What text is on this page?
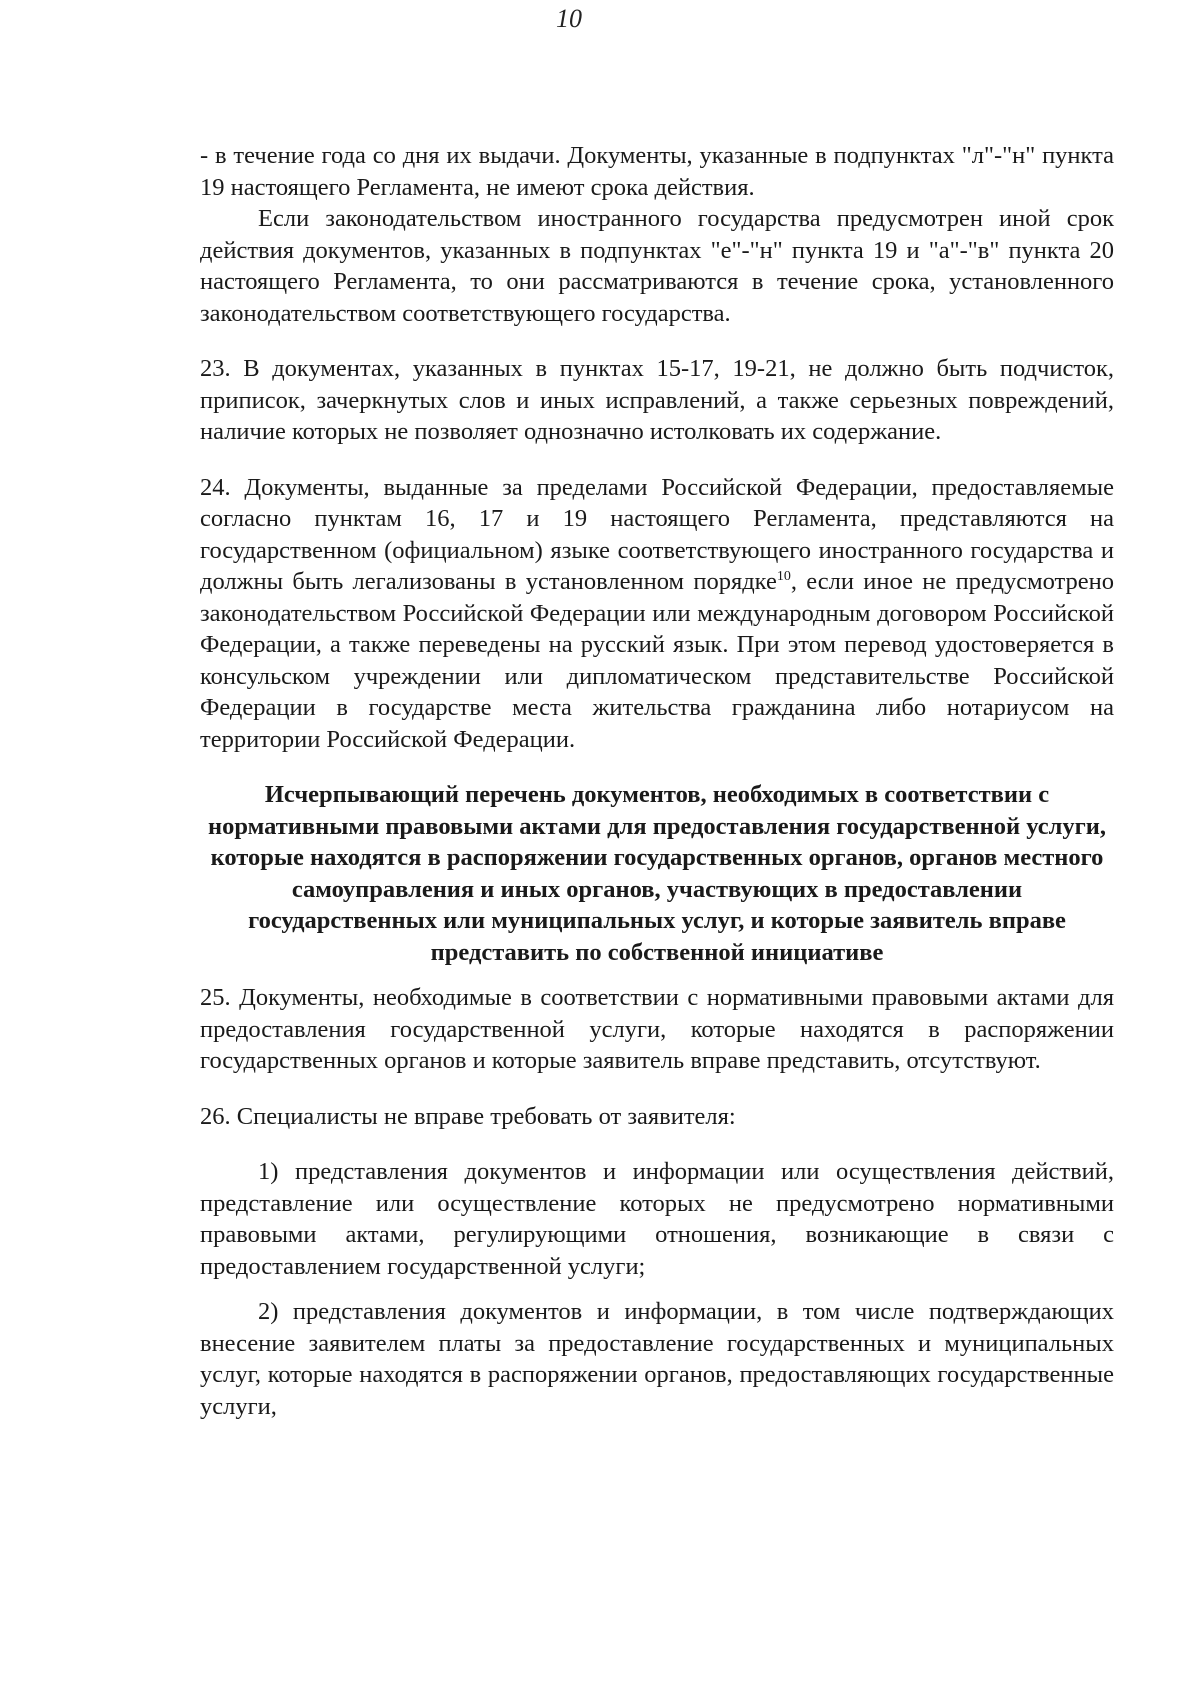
10

- в течение года со дня их выдачи. Документы, указанные в подпунктах "л"-"н" пункта 19 настоящего Регламента, не имеют срока действия.

Если законодательством иностранного государства предусмотрен иной срок действия документов, указанных в подпунктах "е"-"н" пункта 19 и "а"-"в" пункта 20 настоящего Регламента, то они рассматриваются в течение срока, установленного законодательством соответствующего государства.

23. В документах, указанных в пунктах 15-17, 19-21, не должно быть подчисток, приписок, зачеркнутых слов и иных исправлений, а также серьезных повреждений, наличие которых не позволяет однозначно истолковать их содержание.

24. Документы, выданные за пределами Российской Федерации, предоставляемые согласно пунктам 16, 17 и 19 настоящего Регламента, представляются на государственном (официальном) языке соответствующего иностранного государства и должны быть легализованы в установленном порядке$^{10}$, если иное не предусмотрено законодательством Российской Федерации или международным договором Российской Федерации, а также переведены на русский язык. При этом перевод удостоверяется в консульском учреждении или дипломатическом представительстве Российской Федерации в государстве места жительства гражданина либо нотариусом на территории Российской Федерации.

Исчерпывающий перечень документов, необходимых в соответствии с нормативными правовыми актами для предоставления государственной услуги, которые находятся в распоряжении государственных органов, органов местного самоуправления и иных органов, участвующих в предоставлении государственных или муниципальных услуг, и которые заявитель вправе представить по собственной инициативе

25. Документы, необходимые в соответствии с нормативными правовыми актами для предоставления государственной услуги, которые находятся в распоряжении государственных органов и которые заявитель вправе представить, отсутствуют.

26. Специалисты не вправе требовать от заявителя:

1) представления документов и информации или осуществления действий, представление или осуществление которых не предусмотрено нормативными правовыми актами, регулирующими отношения, возникающие в связи с предоставлением государственной услуги;

2) представления документов и информации, в том числе подтверждающих внесение заявителем платы за предоставление государственных и муниципальных услуг, которые находятся в распоряжении органов, предоставляющих государственные услуги,
